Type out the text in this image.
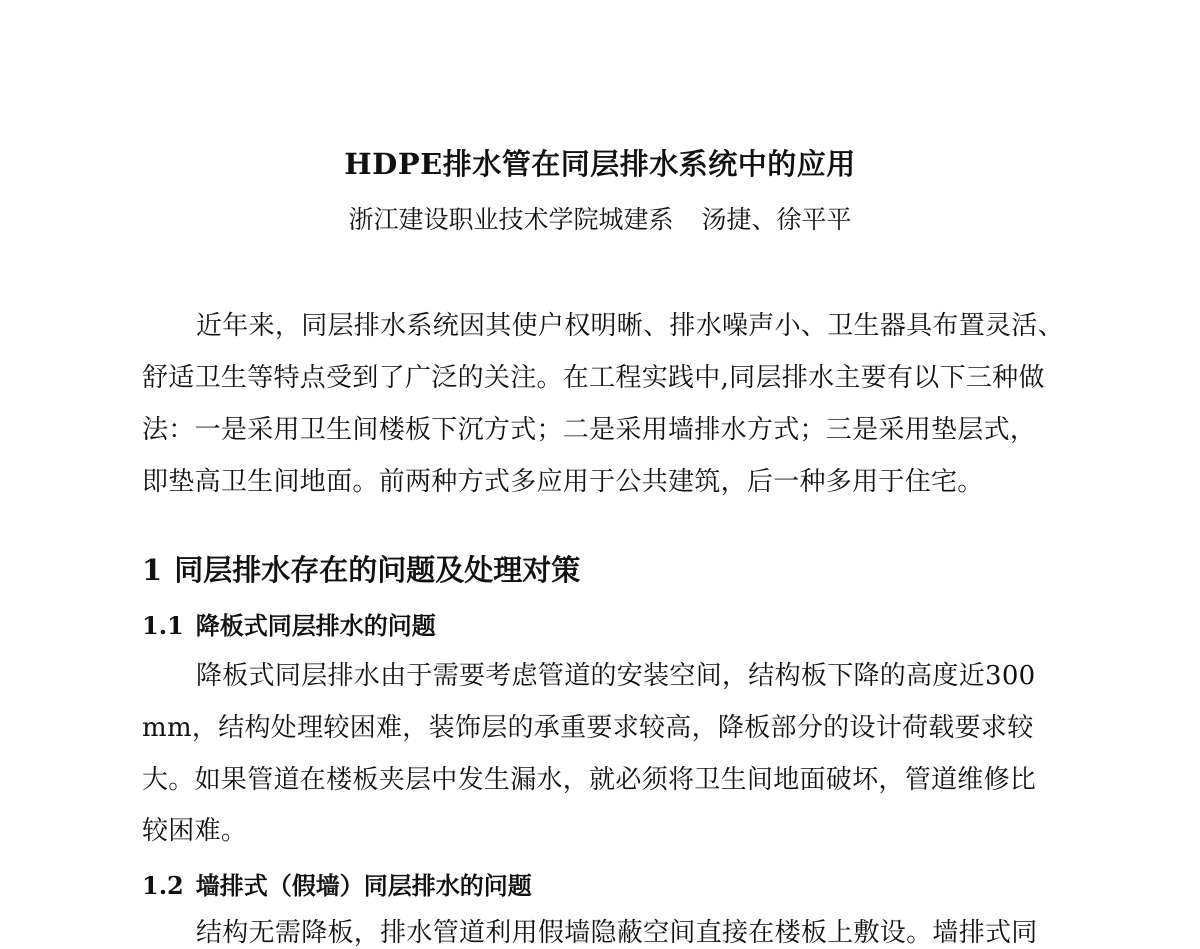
HDPE排水管在同层排水系统中的应用
浙江建设职业技术学院城建系 汤捷、徐平平
近年来，同层排水系统因其使户权明晰、排水噪声小、卫生器具布置灵活、
舒适卫生等特点受到了广泛的关注。在工程实践中,同层排水主要有以下三种做
法：一是采用卫生间楼板下沉方式；二是采用墙排水方式；三是采用垫层式，
即垫高卫生间地面。前两种方式多应用于公共建筑，后一种多用于住宅。
1 同层排水存在的问题及处理对策
1.1 降板式同层排水的问题
降板式同层排水由于需要考虑管道的安装空间，结构板下降的高度近300
mm，结构处理较困难，装饰层的承重要求较高，降板部分的设计荷载要求较
大。如果管道在楼板夹层中发生漏水，就必须将卫生间地面破坏，管道维修比
较困难。
1.2 墙排式（假墙）同层排水的问题
结构无需降板，排水管道利用假墙隐蔽空间直接在楼板上敷设。墙排式同
